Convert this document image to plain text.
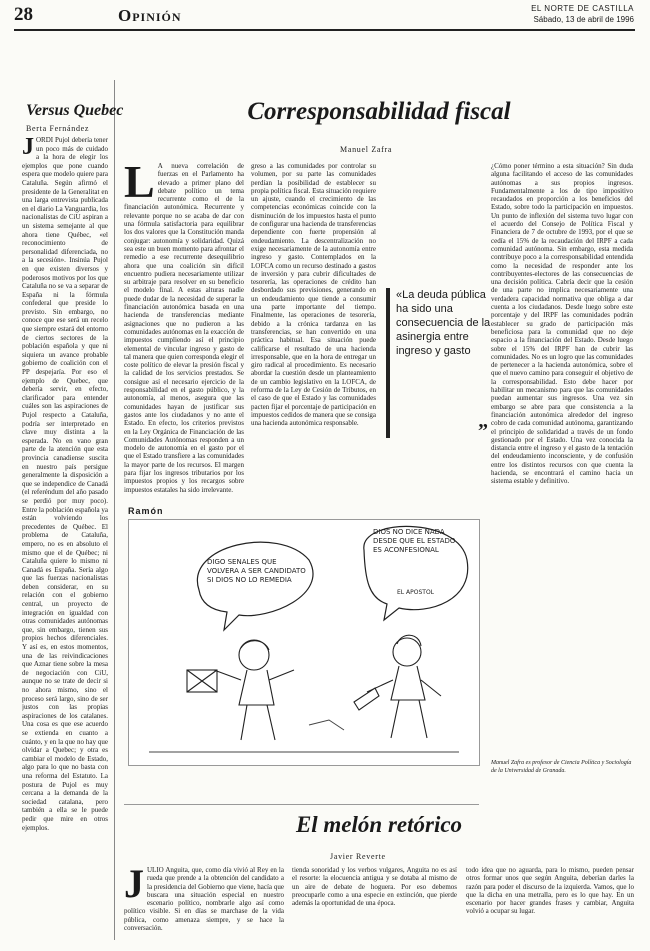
28	Opinión	EL NORTE DE CASTILLA
Sábado, 13 de abril de 1996
Versus Quebec
Berta Fernández
JORDI Pujol debería tener un poco más de cuidado a la hora de elegir los ejemplos que pone cuando espera que modelo quiere para Cataluña. Según afirmó el presidente de la Generalitat en una larga entrevista publicada en el diario La Vanguardia, los nacionalistas de CiU aspiran a un sistema semejante al que ahora tiene Québec, «el reconocimiento de personalidad diferenciada, no a la secesión». Insinúa Pujol en que existen diversos y poderosos motivos por los que Cataluña no se va a separar de España ni la fórmula confederal que preside lo previsto. Sin embargo, no conoce que ese será un recelo que siempre estará del entorno de ciertos sectores de la población española y que ni siquiera un avance probable gobierno de coalición con el PP despejaría. Por eso el ejemplo de Quebec, que debería servir, en efecto, clarificador para entender cuáles son las aspiraciones de Pujol respecto a Cataluña, podría ser interpretado en clave muy distinta a la esperada. No en vano gran parte de la atención que esta provincia canadiense suscita en nuestro país persigue generalmente la disposición a que se independice de Canadá (el referéndum del año pasado se perdió por muy poco). Entre la población española ya están volviendo los precedentes de Québec. El problema de Cataluña, empero, no es en absoluto el mismo que el de Québec; ni Cataluña quiere lo mismo ni Canadá es España. Sería algo que las fuerzas nacionalistas deben considerar, en su relación con el gobierno central, un proyecto de integración en igualdad con otras comunidades autónomas que, sin embargo, tienen sus propios hechos diferenciales. Y así es, en estos momentos, una de las reivindicaciones que Aznar tiene sobre la mesa de negociación con CiU, aunque no se trate de decir si no ahora mismo, sino el proceso será largo, sino de ser justos con las propias aspiraciones de los catalanes. Una cosa es que ese acuerdo se extienda en cuanto a cuánto, y en la que no hay que olvidar a Quebec; y otra es cambiar el modelo de Estado, algo para lo que no basta con una reforma del Estatuto. La postura de Pujol es muy cercana a la demanda de la sociedad catalana, pero también a ella se le puede pedir que mire en otros ejemplos.
Corresponsabilidad fiscal
Manuel Zafra
L A nueva correlación de fuerzas en el Parlamento ha elevado a primer plano del debate político un tema recurrente como el de la financiación autonómica. Recurrente y relevante porque no se acaba de dar con una fórmula satisfactoria para equilibrar los dos valores que la Constitución manda conjugar: autonomía y solidaridad. Quizá sea este un buen momento para afrontar el remedio a ese recurrente desequilibrio ahora que una coalición sin difícil encuentro pudiera necesariamente utilizar su arbitraje para resolver en su beneficio el modelo final. A estas alturas nadie puede dudar de la necesidad de superar la financiación autonómica basada en una hacienda de transferencias mediante asignaciones que no pudieron a las comunidades autónomas en la exacción de impuestos cumpliendo así el principio elemental de vincular ingreso y gasto de tal manera que quien corresponda elegir el coste político de elevar la presión fiscal y la calidad de los servicios prestados. Se consigue así el necesario ejercicio de la responsabilidad en el gasto público, y la autonomía, al menos, asegura que las comunidades hayan de justificar sus gastos ante los ciudadanos y no ante el Estado. En efecto, los criterios previstos en la Ley Orgánica de Financiación de las Comunidades Autónomas responden a un modelo de autonomía en el gasto por el que el Estado transfiere a las comunidades la mayor parte de los recursos. El margen para fijar los ingresos tributarios por los impuestos propios y los recargos sobre impuestos estatales ha sido irrelevante.
greso a las comunidades por controlar su volumen, por su parte las comunidades perdían la posibilidad de establecer su propia política fiscal. Esta situación requiere un ajuste, cuando el crecimiento de las competencias económicas coincide con la disminución de los impuestos hasta el punto de configurar una hacienda de transferencias dependiente con fuerte propensión al endeudamiento. La descentralización no exige necesariamente de la autonomía entre ingreso y gasto. Contemplados en la LOFCA como un recurso destinado a gastos de inversión y para cubrir dificultades de tesorería, las operaciones de crédito han desbordado sus previsiones, generando en un endeudamiento que tiende a consumir una parte importante del tiempo. Finalmente, las operaciones de tesorería, debido a la crónica tardanza en las transferencias, se han convertido en una práctica habitual. Esa situación puede calificarse el resultado de una hacienda irresponsable, que en la hora de entregar un giro radical al procedimiento. Es necesario abordar la cuestión desde un planteamiento de un cambio legislativo en la LOFCA, de reforma de la Ley de Cesión de Tributos, en el caso de que el Estado y las comunidades pacten fijar el porcentaje de participación en impuestos cedidos de manera que se consiga una hacienda autonómica responsable.
«La deuda pública ha sido una consecuencia de la asinergia entre ingreso y gasto
”
¿Cómo poner término a esta situación? Sin duda alguna facilitando el acceso de las comunidades autónomas a sus propios ingresos. Fundamentalmente a los de tipo impositivo recaudados en proporción a los beneficios del Estado, sobre todo la participación en impuestos. Un punto de inflexión del sistema tuvo lugar con el acuerdo del Consejo de Política Fiscal y Financiera de 7 de octubre de 1993, por el que se cedía el 15% de la recaudación del IRPF a cada comunidad autónoma. Sin embargo, esta medida contribuye poco a la corresponsabilidad entendida como la necesidad de responder ante los contribuyentes-electores de las consecuencias de una decisión política. Cabría decir que la cesión de una parte no implica necesariamente una verdadera capacidad normativa que obliga a dar cuenta a los ciudadanos. Desde luego sobre este porcentaje y del IRPF las comunidades podrán establecer su grado de participación más beneficiosa para la comunidad que no deje espacio a la financiación del Estado. Desde luego sobre el 15% del IRPF han de cubrir las comunidades. No es un logro que las comunidades de pertenecer a la hacienda autonómica, sobre el que el nuevo camino para conseguir el objetivo de la corresponsabilidad. Esto debe hacer por habilitar un mecanismo para que las comunidades puedan aumentar sus ingresos. Una vez sin embargo se abre para que consistencia a la financiación autonómica alrededor del ingreso cobro de cada comunidad autónoma, garantizando el principio de solidaridad a través de un fondo gestionado por el Estado. Una vez conocida la distancia entre el ingreso y el gasto de la tentación del endeudamiento inconsciente, y de confusión entre los distintos recursos con que cuenta la hacienda, se encontrará el camino hacia un sistema estable y definitivo.
Manuel Zafra es profesor de Ciencia Política y Sociología de la Universidad de Granada.
Ramón
DIGO SEÑALES QUE VOLVERA A SER CANDIDATO SI DIOS NO LO REMEDIA
DIOS NO DICE NADA DESDE QUE EL ESTADO ES ACONFESIONAL
EL APOSTOL
El melón retórico
Javier Reverte
JULIO Anguita, que, como día vivió al Rey en la rueda que prende a la obtención del candidato a la presidencia del Gobierno que viene, hacía que buscara una situación especial en nuestro escenario político, nombrarle algo así como político visible. Si en días se marchase de la vida pública, como amenaza siempre, y se hace la conversación.
tienda sonoridad y los verbos vulgares, Anguita no es así el resorte: la elocuencia antigua y se dotaba al mismo de un aire de debate de hoguera. Por eso debemos preocuparle como a una especie en extinción, que pierde además la oportunidad de una época.
todo idea que no aguarda, para lo mismo, pueden pensar otros formar unos que según Anguita, deberían darles la razón para poder el discurso de la izquierda. Vamos, que lo que la dicha en una metralla, pero es lo que hay. En un escenario por hacer grandes frases y cambiar, Anguita volvió a ocupar su lugar.
